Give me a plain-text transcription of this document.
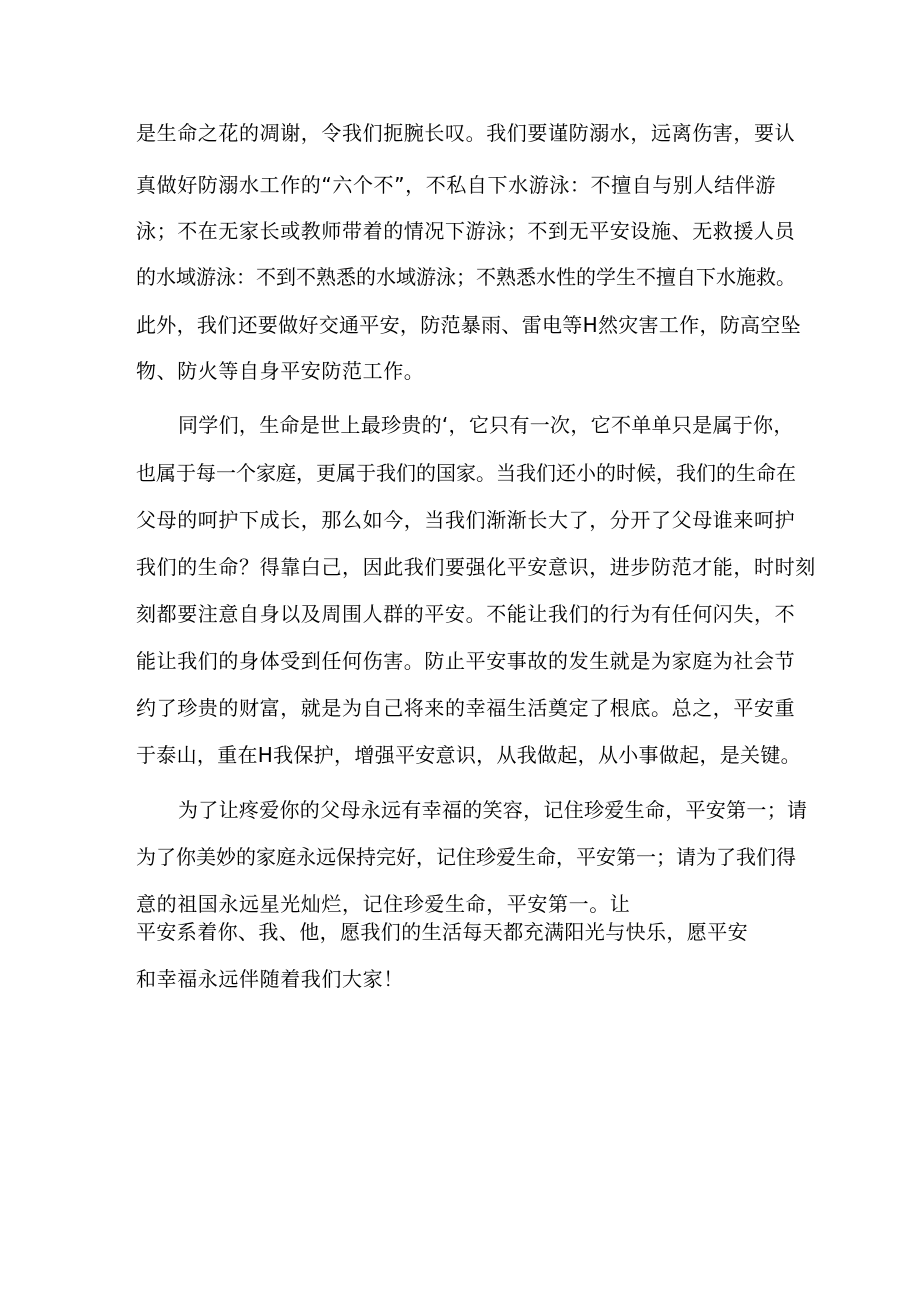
是生命之花的凋谢，令我们扼腕长叹。我们要谨防溺水，远离伤害，要认
真做好防溺水工作的“六个不”，不私自下水游泳：不擅自与别人结伴游
泳；不在无家长或教师带着的情况下游泳；不到无平安设施、无救援人员
的水域游泳：不到不熟悉的水域游泳；不熟悉水性的学生不擅自下水施救。
此外，我们还要做好交通平安，防范暴雨、雷电等H然灾害工作，防高空坠
物、防火等自身平安防范工作。
同学们，生命是世上最珍贵的‘，它只有一次，它不单单只是属于你，
也属于每一个家庭，更属于我们的国家。当我们还小的时候，我们的生命在
父母的呵护下成长，那么如今，当我们渐渐长大了，分开了父母谁来呵护
我们的生命？得靠白己，因此我们要强化平安意识，进步防范才能，时时刻
刻都要注意自身以及周围人群的平安。不能让我们的行为有任何闪失，不
能让我们的身体受到任何伤害。防止平安事故的发生就是为家庭为社会节
约了珍贵的财富，就是为自己将来的幸福生活奠定了根底。总之，平安重
于泰山，重在H我保护，增强平安意识，从我做起，从小事做起，是关键。
为了让疼爱你的父母永远有幸福的笑容，记住珍爱生命，平安第一；请
为了你美妙的家庭永远保持完好，记住珍爱生命，平安第一；请为了我们得
意的祖国永远星光灿烂，记住珍爱生命，平安第一。让
平安系着你、我、他，愿我们的生活每天都充满阳光与快乐，愿平安
和幸福永远伴随着我们大家！
